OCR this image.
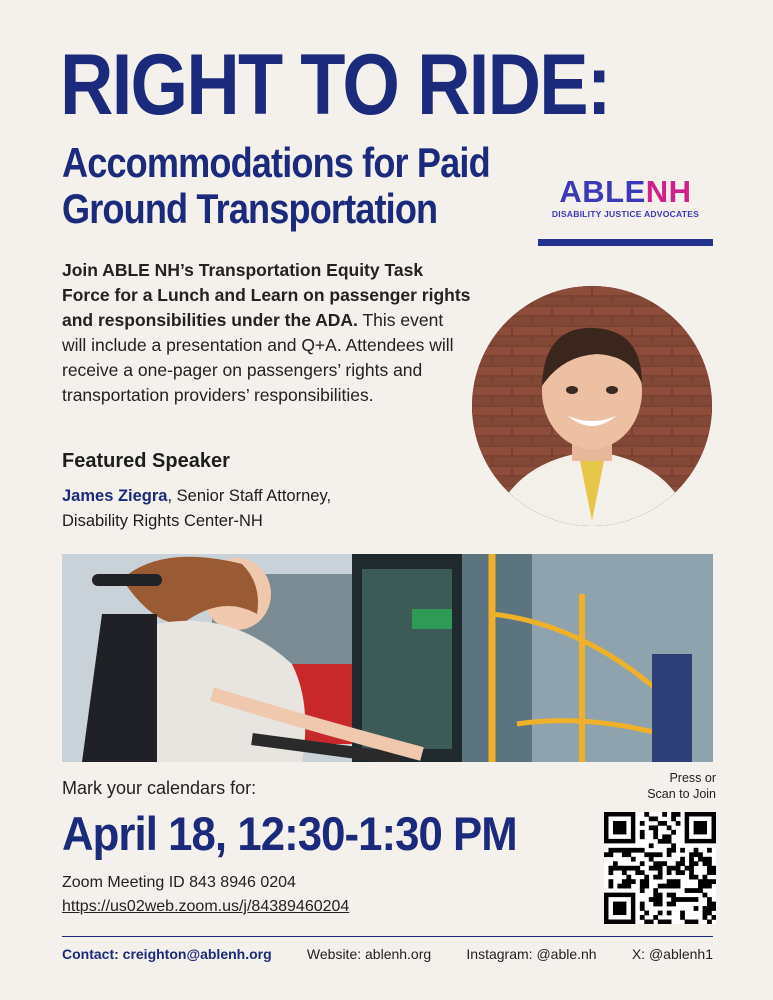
RIGHT TO RIDE:
Accommodations for Paid Ground Transportation	ABLENH
DISABILITY JUSTICE ADVOCATES
Join ABLE NH’s Transportation Equity Task Force for a Lunch and Learn on passenger rights and responsibilities under the ADA. This event will include a presentation and Q+A. Attendees will receive a one-pager on passengers’ rights and transportation providers’ responsibilities.
Featured Speaker
James Ziegra, Senior Staff Attorney,
Disability Rights Center-NH
Mark your calendars for:
April 18, 12:30-1:30 PM
Zoom Meeting ID 843 8946 0204
https://us02web.zoom.us/j/84389460204
Press or
Scan to Join
Contact: creighton@ablenh.org	Website: ablenh.org	Instagram: @able.nh	X: @ablenh1
